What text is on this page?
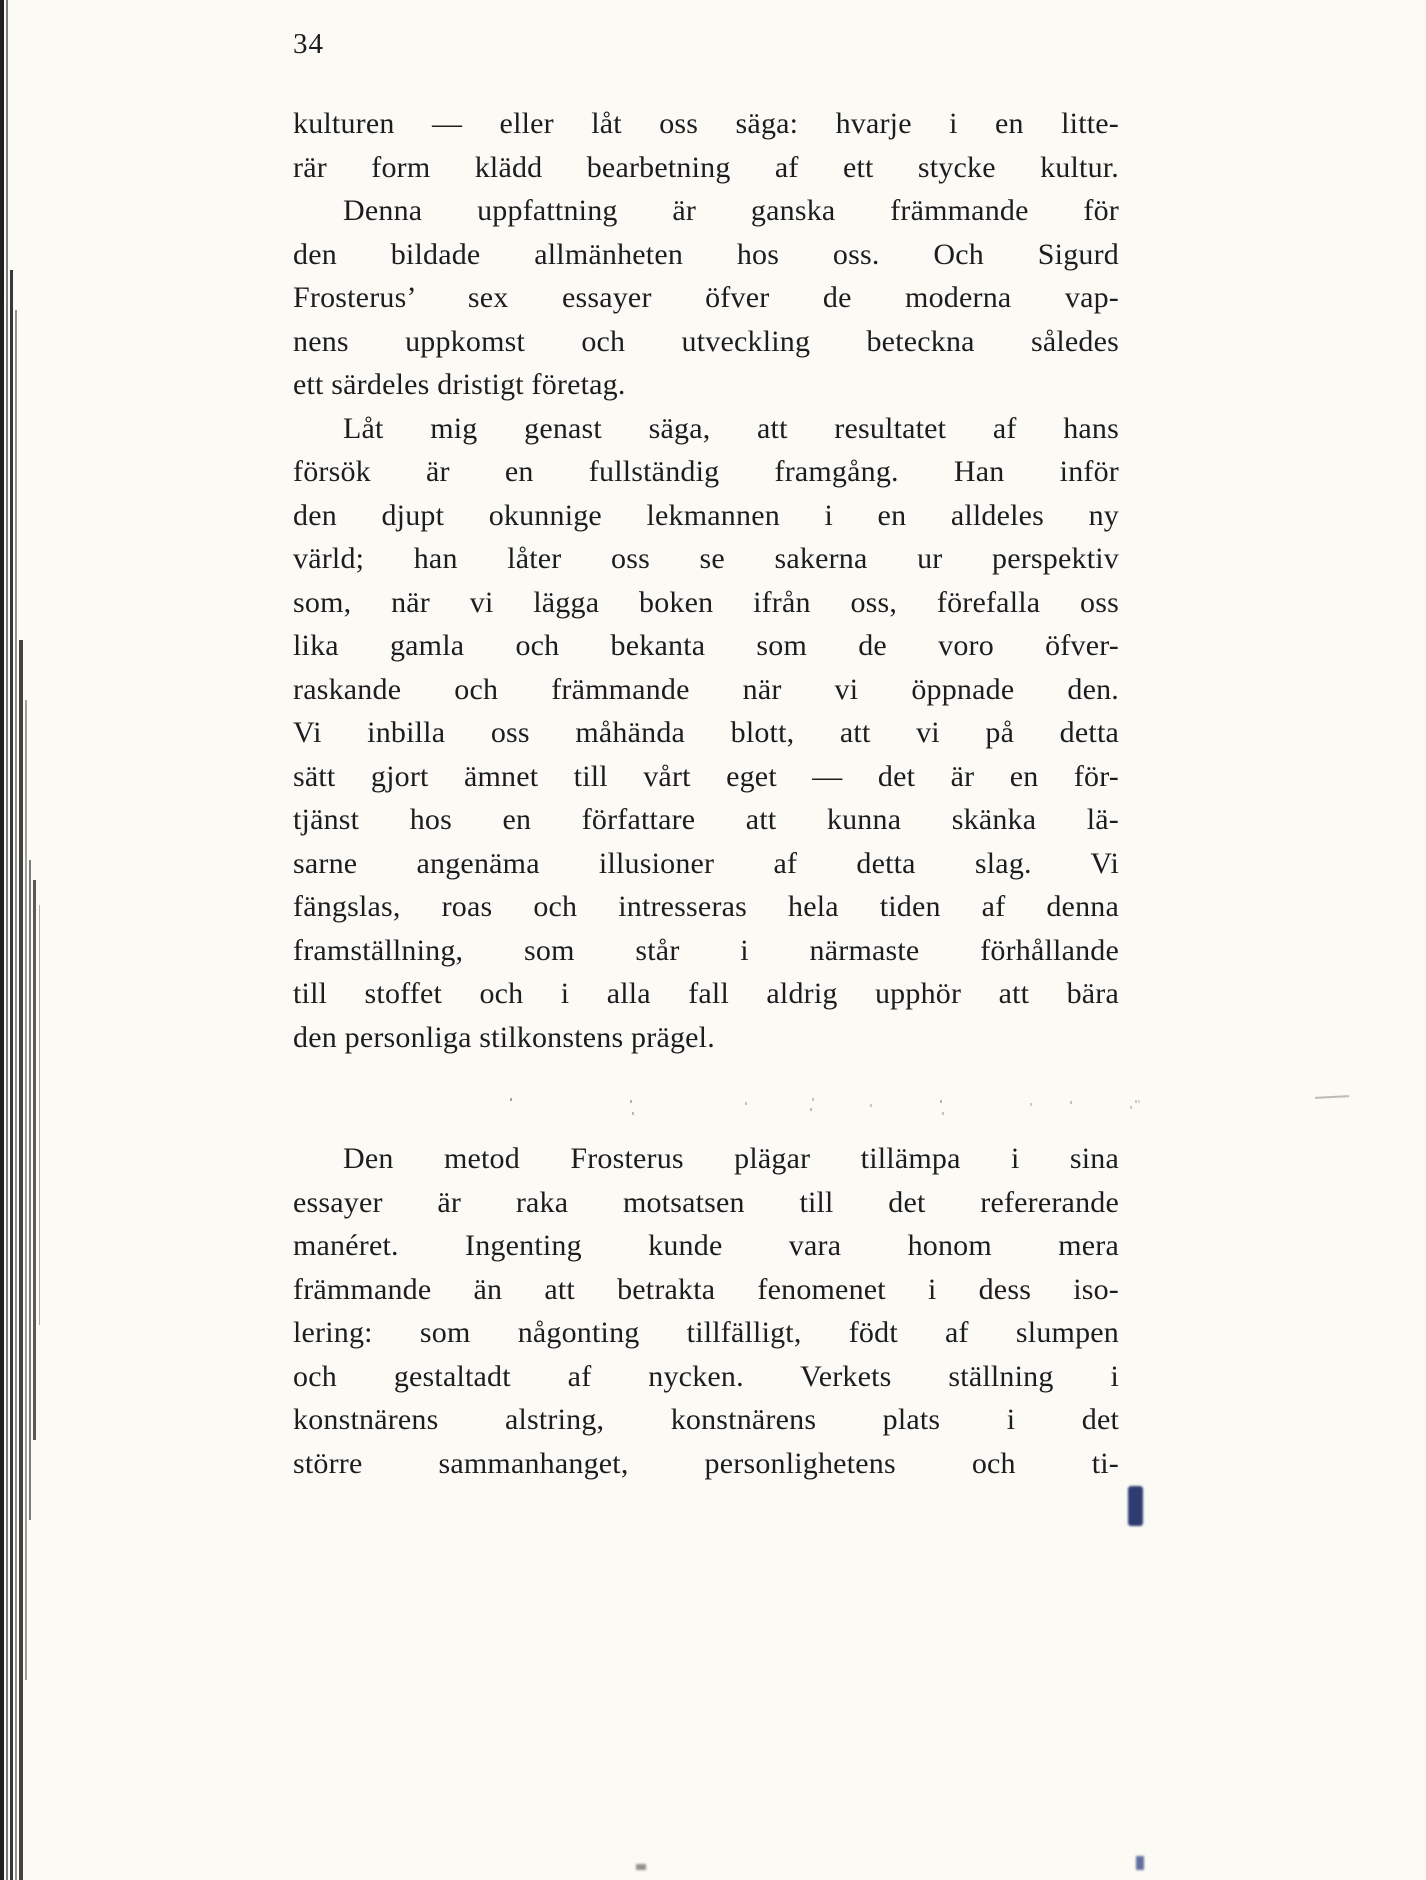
34

kulturen — eller låt oss säga: hvarje i en litte-
rär form klädd bearbetning af ett stycke kultur.

Denna uppfattning är ganska främmande för
den bildade allmänheten hos oss. Och Sigurd
Frosterus’ sex essayer öfver de moderna vap-
nens uppkomst och utveckling beteckna således
ett särdeles dristigt företag.

Låt mig genast säga, att resultatet af hans
försök är en fullständig framgång. Han inför
den djupt okunnige lekmannen i en alldeles ny
värld; han låter oss se sakerna ur perspektiv
som, när vi lägga boken ifrån oss, förefalla oss
lika gamla och bekanta som de voro öfver-
raskande och främmande när vi öppnade den.
Vi inbilla oss måhända blott, att vi på detta
sätt gjort ämnet till vårt eget — det är en för-
tjänst hos en författare att kunna skänka lä-
sarne angenäma illusioner af detta slag. Vi
fängslas, roas och intresseras hela tiden af denna
framställning, som står i närmaste förhållande
till stoffet och i alla fall aldrig upphör att bära
den personliga stilkonstens prägel.

Den metod Frosterus plägar tillämpa i sina
essayer är raka motsatsen till det refererande
manéret. Ingenting kunde vara honom mera
främmande än att betrakta fenomenet i dess iso-
lering: som någonting tillfälligt, födt af slumpen
och gestaltadt af nycken. Verkets ställning i
konstnärens alstring, konstnärens plats i det
större sammanhanget, personlighetens och ti-
